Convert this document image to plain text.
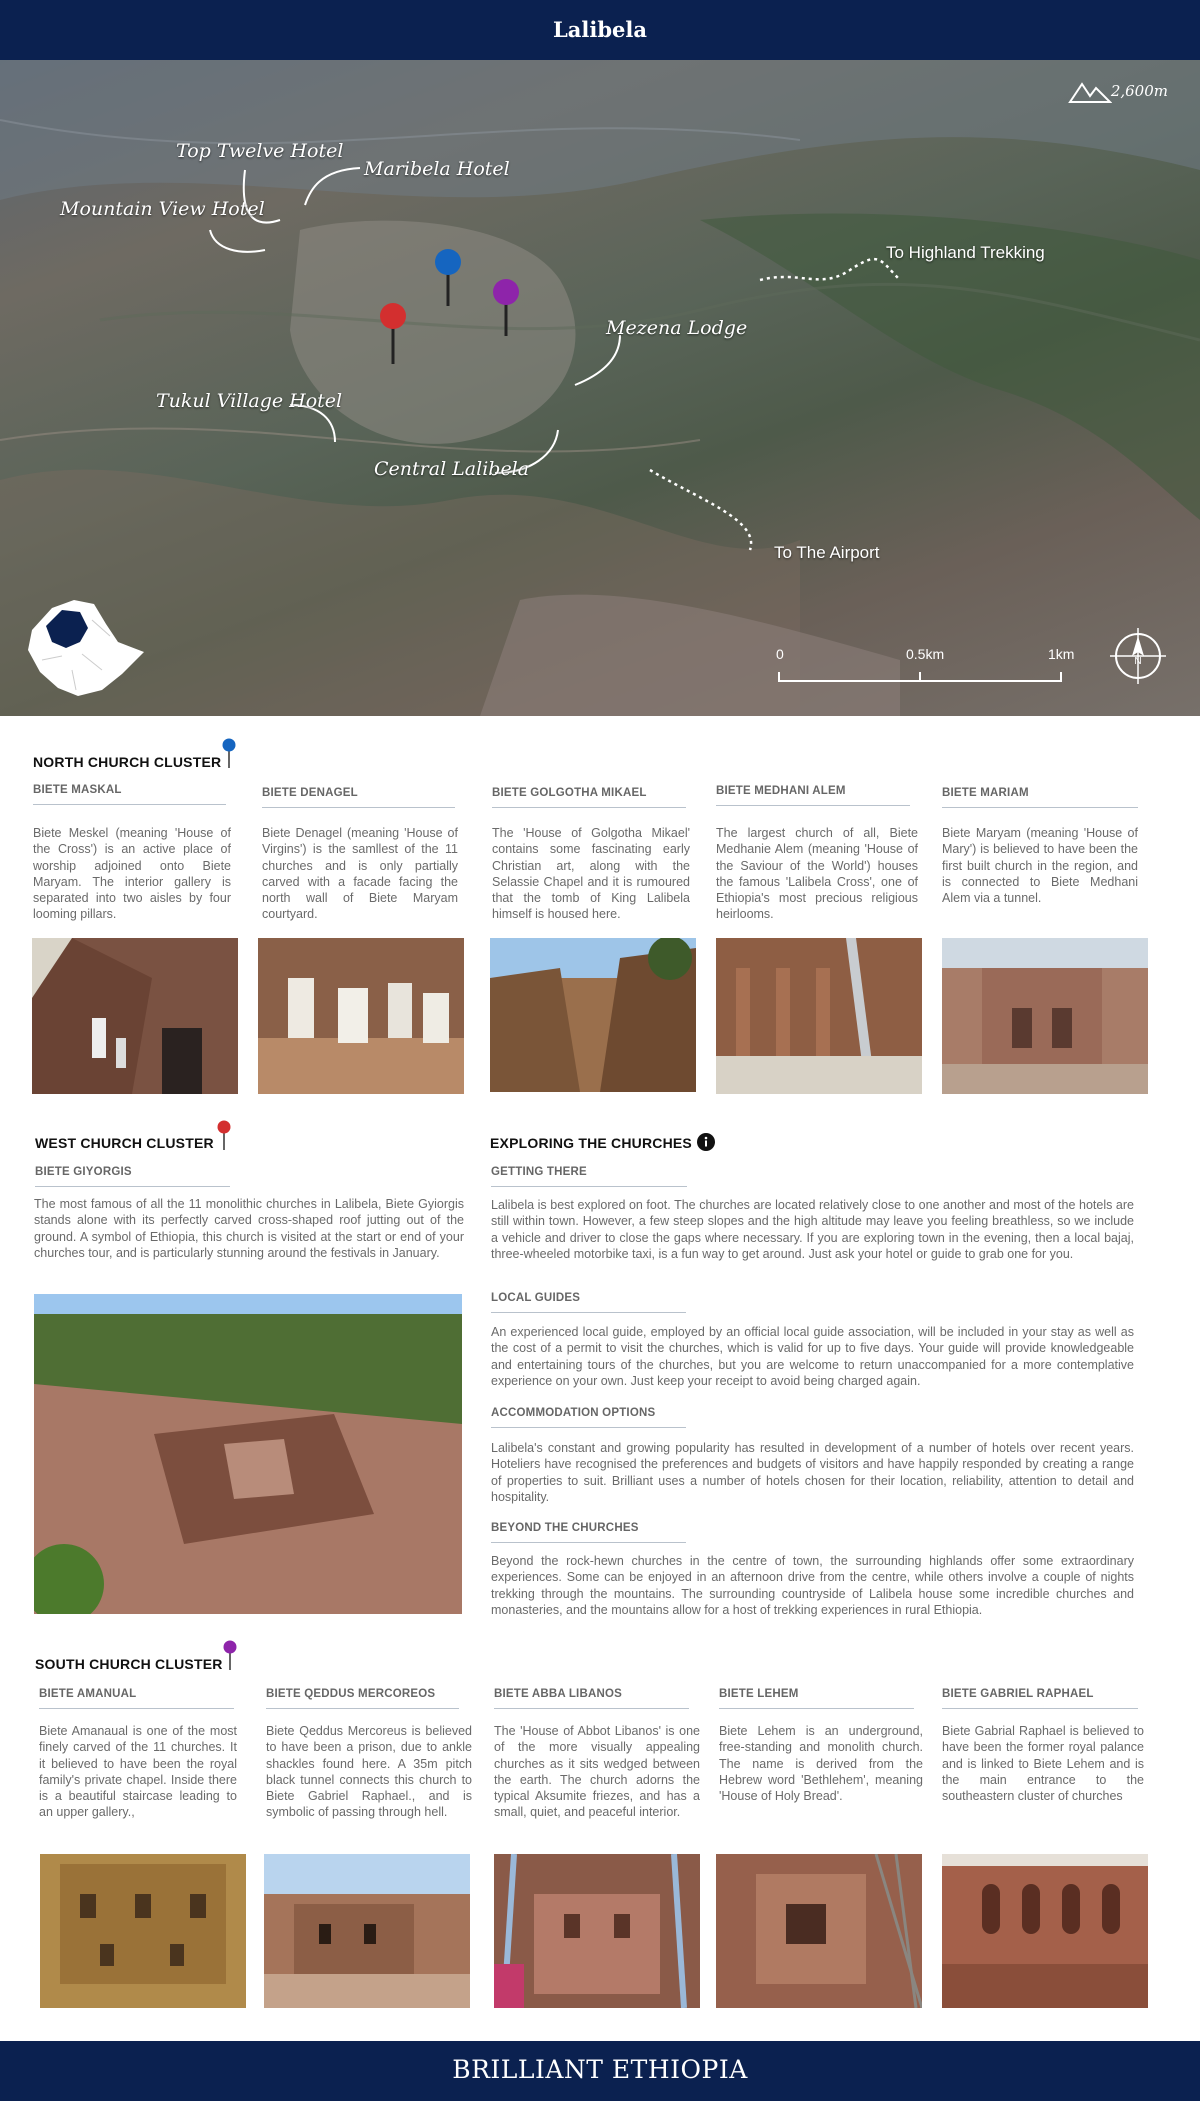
Lalibela
2,600m
Top Twelve Hotel
Maribela Hotel
Mountain View Hotel
To Highland Trekking
Mezena Lodge
Tukul Village Hotel
Central Lalibela
To The Airport
0	0.5km	1km	N
NORTH CHURCH CLUSTER
BIETE MASKAL
Biete Meskel (meaning 'House of the Cross') is an active place of worship adjoined onto Biete Maryam. The interior gallery is separated into two aisles by four looming pillars.
BIETE DENAGEL
Biete Denagel (meaning 'House of Virgins') is the samllest of the 11 churches and is only partially carved with a facade facing the north wall of Biete Maryam courtyard.
BIETE GOLGOTHA MIKAEL
The 'House of Golgotha Mikael' contains some fascinating early Christian art, along with the Selassie Chapel and it is rumoured that the tomb of King Lalibela himself is housed here.
BIETE MEDHANI ALEM
The largest church of all, Biete Medhanie Alem (meaning 'House of the Saviour of the World') houses the famous 'Lalibela Cross', one of Ethiopia's most precious religious heirlooms.
BIETE MARIAM
Biete Maryam (meaning 'House of Mary') is believed to have been the first built church in the region, and is connected to Biete Medhani Alem via a tunnel.
WEST CHURCH CLUSTER
BIETE GIYORGIS
The most famous of all the 11 monolithic churches in Lalibela, Biete Gyiorgis stands alone with its perfectly carved cross-shaped roof jutting out of the ground. A symbol of Ethiopia, this church is visited at the start or end of your churches tour, and is particularly stunning around the festivals in January.
EXPLORING THE CHURCHES
GETTING THERE
Lalibela is best explored on foot. The churches are located relatively close to one another and most of the hotels are still within town. However, a few steep slopes and the high altitude may leave you feeling breathless, so we include a vehicle and driver to close the gaps where necessary. If you are exploring town in the evening, then a local bajaj, three-wheeled motorbike taxi, is a fun way to get around. Just ask your hotel or guide to grab one for you.
LOCAL GUIDES
An experienced local guide, employed by an official local guide association, will be included in your stay as well as the cost of a permit to visit the churches, which is valid for up to five days. Your guide will provide knowledgeable and entertaining tours of the churches, but you are welcome to return unaccompanied for a more contemplative experience on your own. Just keep your receipt to avoid being charged again.
ACCOMMODATION OPTIONS
Lalibela's constant and growing popularity has resulted in development of a number of hotels over recent years. Hoteliers have recognised the preferences and budgets of visitors and have happily responded by creating a range of properties to suit. Brilliant uses a number of hotels chosen for their location, reliability, attention to detail and hospitality.
BEYOND THE CHURCHES
Beyond the rock-hewn churches in the centre of town, the surrounding highlands offer some extraordinary experiences. Some can be enjoyed in an afternoon drive from the centre, while others involve a couple of nights trekking through the mountains. The surrounding countryside of Lalibela house some incredible churches and monasteries, and the mountains allow for a host of trekking experiences in rural Ethiopia.
SOUTH CHURCH CLUSTER
BIETE AMANUAL
Biete Amanaual is one of the most finely carved of the 11 churches. It it believed to have been the royal family's private chapel. Inside there is a beautiful staircase leading to an upper gallery.,
BIETE QEDDUS MERCOREOS
Biete Qeddus Mercoreus is believed to have been a prison, due to ankle shackles found here. A 35m pitch black tunnel connects this church to Biete Gabriel Raphael., and is symbolic of passing through hell.
BIETE ABBA LIBANOS
The 'House of Abbot Libanos' is one of the more visually appealing churches as it sits wedged between the earth. The church adorns the typical Aksumite friezes, and has a small, quiet, and peaceful interior.
BIETE LEHEM
Biete Lehem is an underground, free-standing and monolith church. The name is derived from the Hebrew word 'Bethlehem', meaning 'House of Holy Bread'.
BIETE GABRIEL RAPHAEL
Biete Gabrial Raphael is believed to have been the former royal palance and is linked to Biete Lehem and is the main entrance to the southeastern cluster of churches
BRILLIANT ETHIOPIA
